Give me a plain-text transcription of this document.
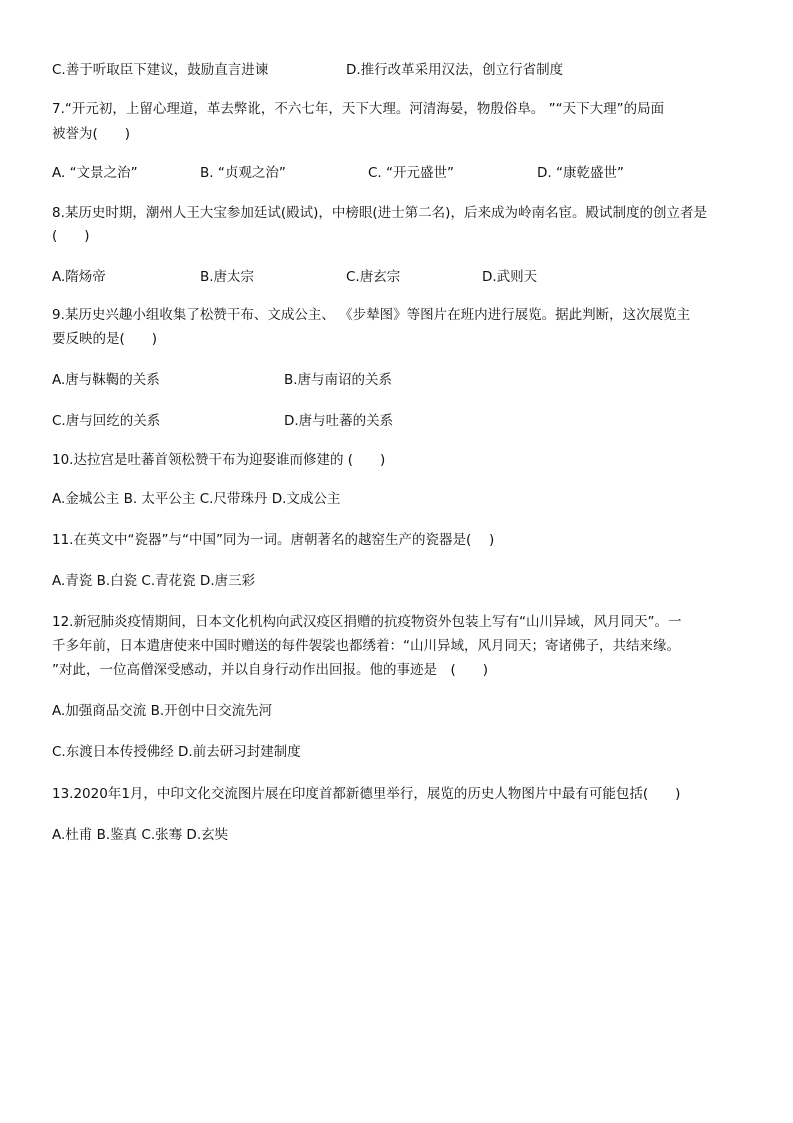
C.善于听取臣下建议，鼓励直言进谏	D.推行改革采用汉法，创立行省制度
7.“开元初，上留心理道，革去弊讹，不六七年，天下大理。河清海晏，物殷俗阜。 ”“天下大理”的局面
被誉为(　　)
A. “文景之治”	B. “贞观之治”	C. “开元盛世”	D. “康乾盛世”
8.某历史时期，潮州人王大宝参加廷试(殿试)，中榜眼(进士第二名)，后来成为岭南名宦。殿试制度的创立者是
(　　)
A.隋炀帝	B.唐太宗	C.唐玄宗	D.武则天
9.某历史兴趣小组收集了松赞干布、文成公主、 《步辇图》等图片在班内进行展览。据此判断，这次展览主
要反映的是(　　)
A.唐与靺鞨的关系	B.唐与南诏的关系
C.唐与回纥的关系	D.唐与吐蕃的关系
10.达拉宫是吐蕃首领松赞干布为迎娶谁而修建的 (　　)
A.金城公主 B. 太平公主 C.尺带珠丹 D.文成公主
11.在英文中“瓷器”与“中国”同为一词。唐朝著名的越窑生产的瓷器是(　 )
A.青瓷 B.白瓷 C.青花瓷 D.唐三彩
12.新冠肺炎疫情期间，日本文化机构向武汉疫区捐赠的抗疫物资外包装上写有“山川异域，风月同天”。一
千多年前，日本遣唐使来中国时赠送的每件袈裟也都绣着：“山川异域，风月同天；寄诸佛子，共结来缘。
”对此，一位高僧深受感动，并以自身行动作出回报。他的事迹是　(　　)
A.加强商品交流 B.开创中日交流先河
C.东渡日本传授佛经 D.前去研习封建制度
13.2020年1月，中印文化交流图片展在印度首都新德里举行，展览的历史人物图片中最有可能包括(　　)
A.杜甫 B.鉴真 C.张骞 D.玄奘
